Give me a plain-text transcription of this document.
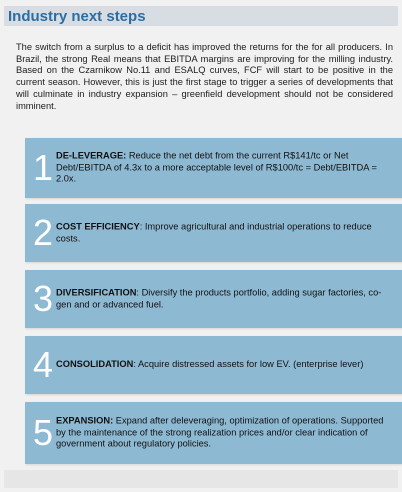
Industry next steps

The switch from a surplus to a deficit has improved the returns for the for all producers. In Brazil, the strong Real means that EBITDA margins are improving for the milling industry. Based on the Czarnikow No.11 and ESALQ curves, FCF will start to be positive in the current season. However, this is just the first stage to trigger a series of developments that will culminate in industry expansion – greenfield development should not be considered imminent.

1 DE-LEVERAGE: Reduce the net debt from the current R$141/tc or Net Debt/EBITDA of 4.3x to a more acceptable level of R$100/tc = Debt/EBITDA = 2.0x.
2 COST EFFICIENCY: Improve agricultural and industrial operations to reduce costs.
3 DIVERSIFICATION: Diversify the products portfolio, adding sugar factories, co-gen and or advanced fuel.
4 CONSOLIDATION: Acquire distressed assets for low EV. (enterprise lever)
5 EXPANSION: Expand after deleveraging, optimization of operations. Supported by the maintenance of the strong realization prices and/or clear indication of government about regulatory policies.
